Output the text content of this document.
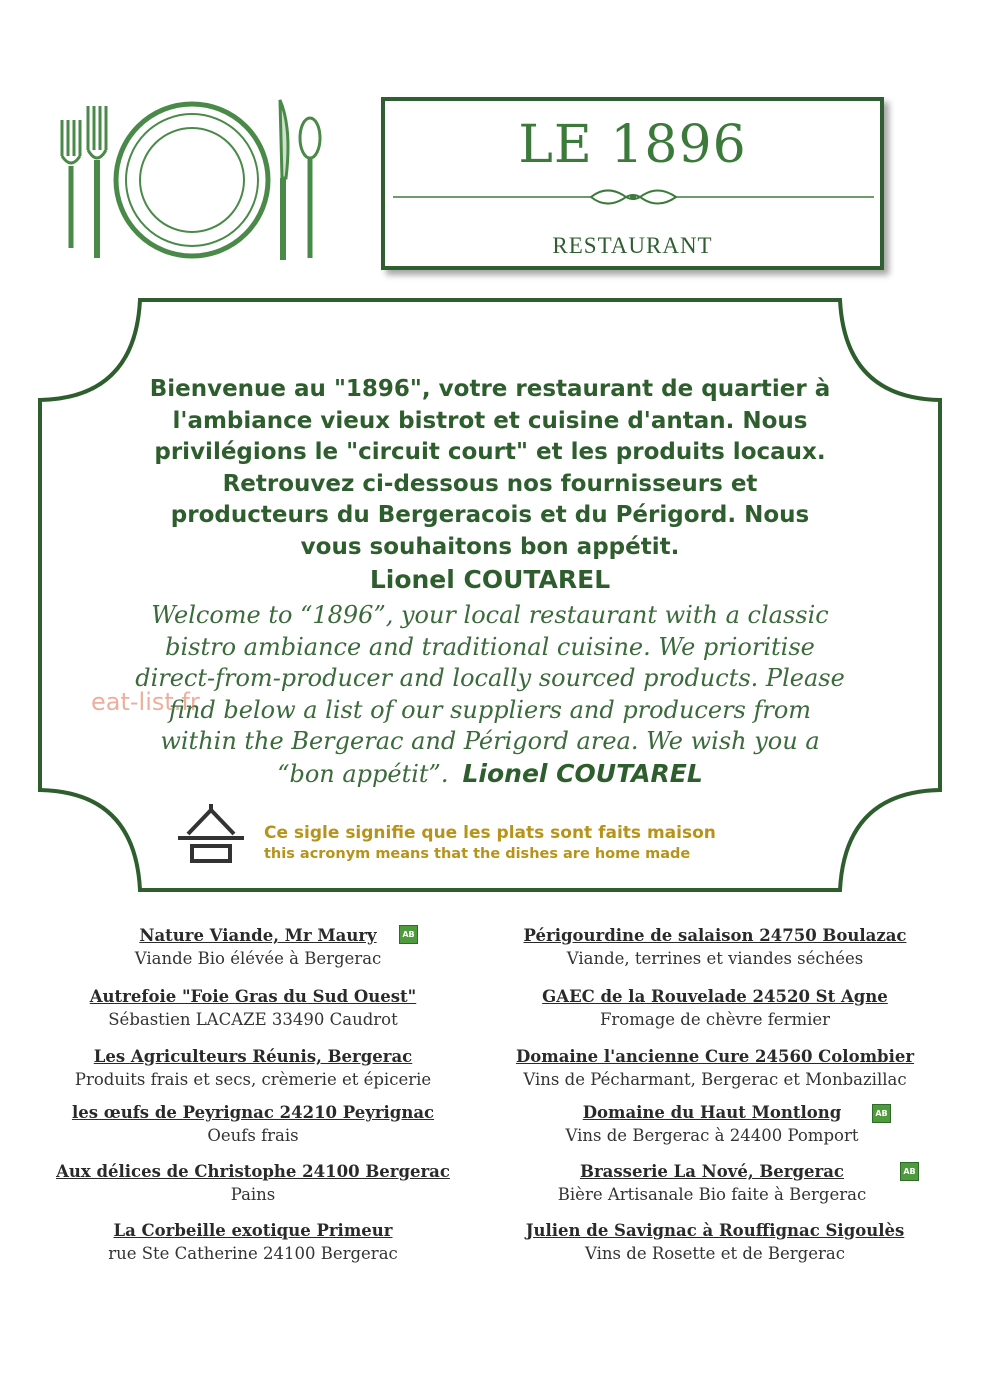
LE 1896
RESTAURANT
Bienvenue au "1896", votre restaurant de quartier à
l'ambiance vieux bistrot et cuisine d'antan. Nous
privilégions le "circuit court" et les produits locaux.
Retrouvez ci-dessous nos fournisseurs et
producteurs du Bergeracois et du Périgord. Nous
vous souhaitons bon appétit.
Lionel COUTAREL
Welcome to “1896”, your local restaurant with a classic
bistro ambiance and traditional cuisine. We prioritise
direct-from-producer and locally sourced products. Please
find below a list of our suppliers and producers from
within the Bergerac and Périgord area. We wish you a
“bon appétit”. Lionel COUTAREL
eat-list.fr
Ce sigle signifie que les plats sont faits maison
this acronym means that the dishes are home made
Nature Viande, Mr Maury
Viande Bio élévée à Bergerac
AB
Autrefoie "Foie Gras du Sud Ouest"
Sébastien LACAZE 33490 Caudrot
Les Agriculteurs Réunis, Bergerac
Produits frais et secs, crèmerie et épicerie
les œufs de Peyrignac 24210 Peyrignac
Oeufs frais
Aux délices de Christophe 24100 Bergerac
Pains
La Corbeille exotique Primeur
rue Ste Catherine 24100 Bergerac
Périgourdine de salaison 24750 Boulazac
Viande, terrines et viandes séchées
GAEC de la Rouvelade 24520 St Agne
Fromage de chèvre fermier
Domaine l'ancienne Cure 24560 Colombier
Vins de Pécharmant, Bergerac et Monbazillac
Domaine du Haut Montlong
Vins de Bergerac à 24400 Pomport
AB
Brasserie La Nové, Bergerac
Bière Artisanale Bio faite à Bergerac
AB
Julien de Savignac à Rouffignac Sigoulès
Vins de Rosette et de Bergerac
